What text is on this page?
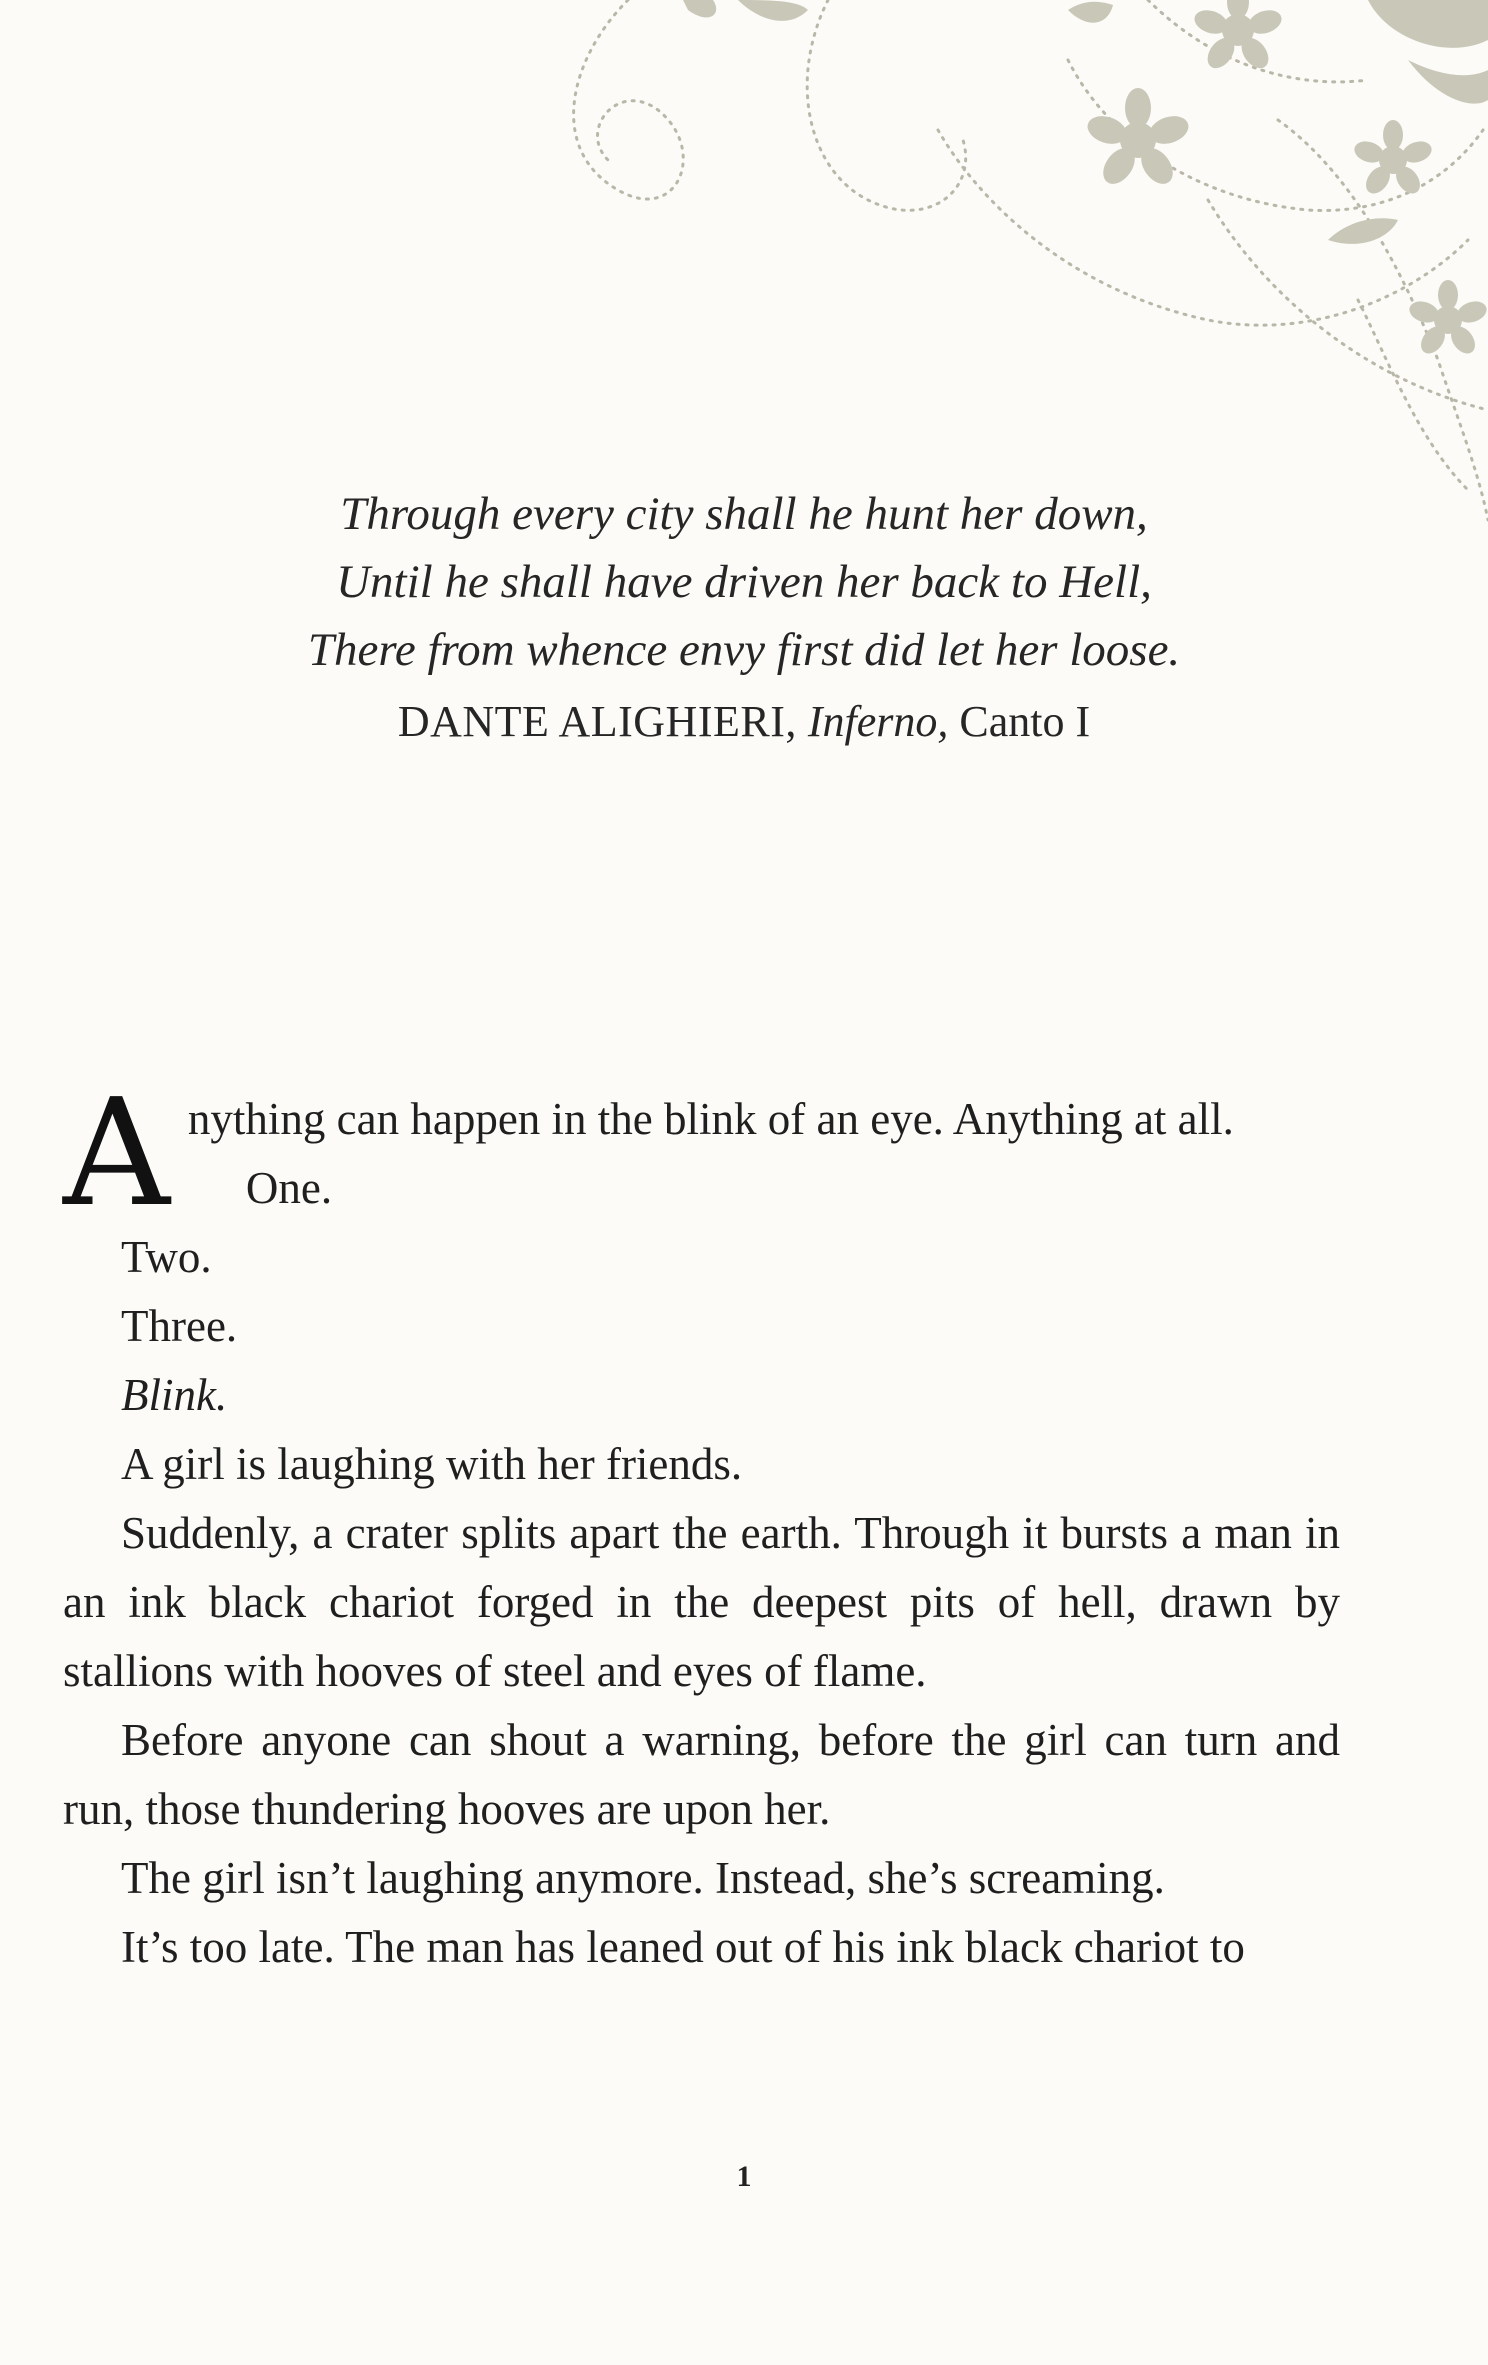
Through every city shall he hunt her down,
Until he shall have driven her back to Hell,
There from whence envy first did let her loose.
DANTE ALIGHIERI, Inferno, Canto I

Anything can happen in the blink of an eye. Anything at all.

One.

Two.

Three.

Blink.

A girl is laughing with her friends.

Suddenly, a crater splits apart the earth. Through it bursts a man in an ink black chariot forged in the deepest pits of hell, drawn by stallions with hooves of steel and eyes of flame.

Before anyone can shout a warning, before the girl can turn and run, those thundering hooves are upon her.

The girl isn’t laughing anymore. Instead, she’s screaming.

It’s too late. The man has leaned out of his ink black chariot to

1
